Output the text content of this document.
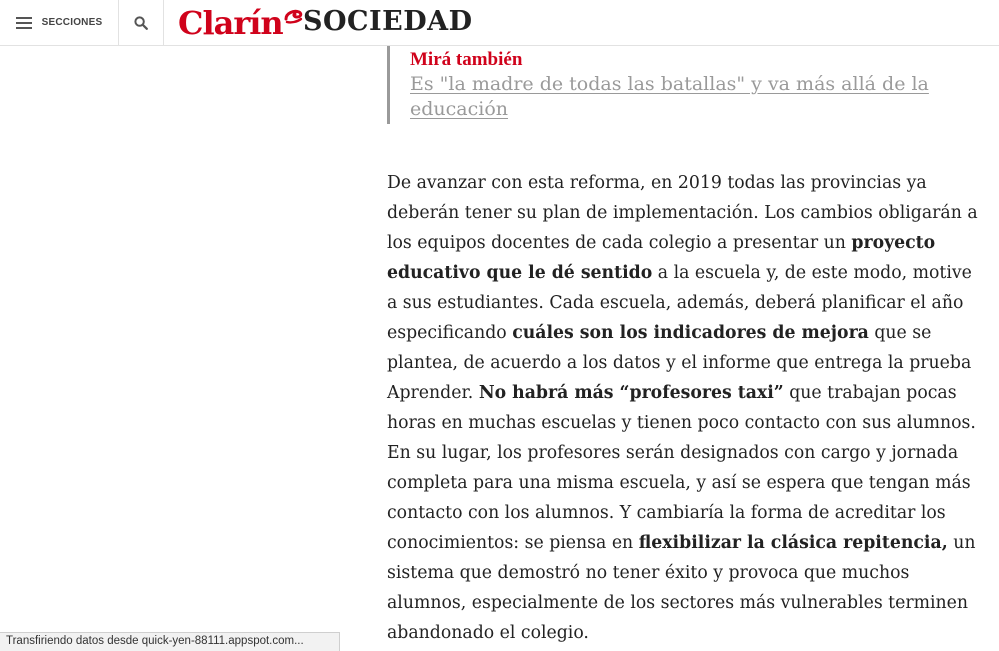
SECCIONES Clarín SOCIEDAD
Mirá también
Es "la madre de todas las batallas" y va más allá de la educación

De avanzar con esta reforma, en 2019 todas las provincias ya deberán tener su plan de implementación. Los cambios obligarán a los equipos docentes de cada colegio a presentar un proyecto educativo que le dé sentido a la escuela y, de este modo, motive a sus estudiantes. Cada escuela, además, deberá planificar el año especificando cuáles son los indicadores de mejora que se plantea, de acuerdo a los datos y el informe que entrega la prueba Aprender. No habrá más “profesores taxi” que trabajan pocas horas en muchas escuelas y tienen poco contacto con sus alumnos. En su lugar, los profesores serán designados con cargo y jornada completa para una misma escuela, y así se espera que tengan más contacto con los alumnos. Y cambiaría la forma de acreditar los conocimientos: se piensa en flexibilizar la clásica repitencia, un sistema que demostró no tener éxito y provoca que muchos alumnos, especialmente de los sectores más vulnerables terminen abandonado el colegio.

Transfiriendo datos desde quick-yen-88111.appspot.com...
